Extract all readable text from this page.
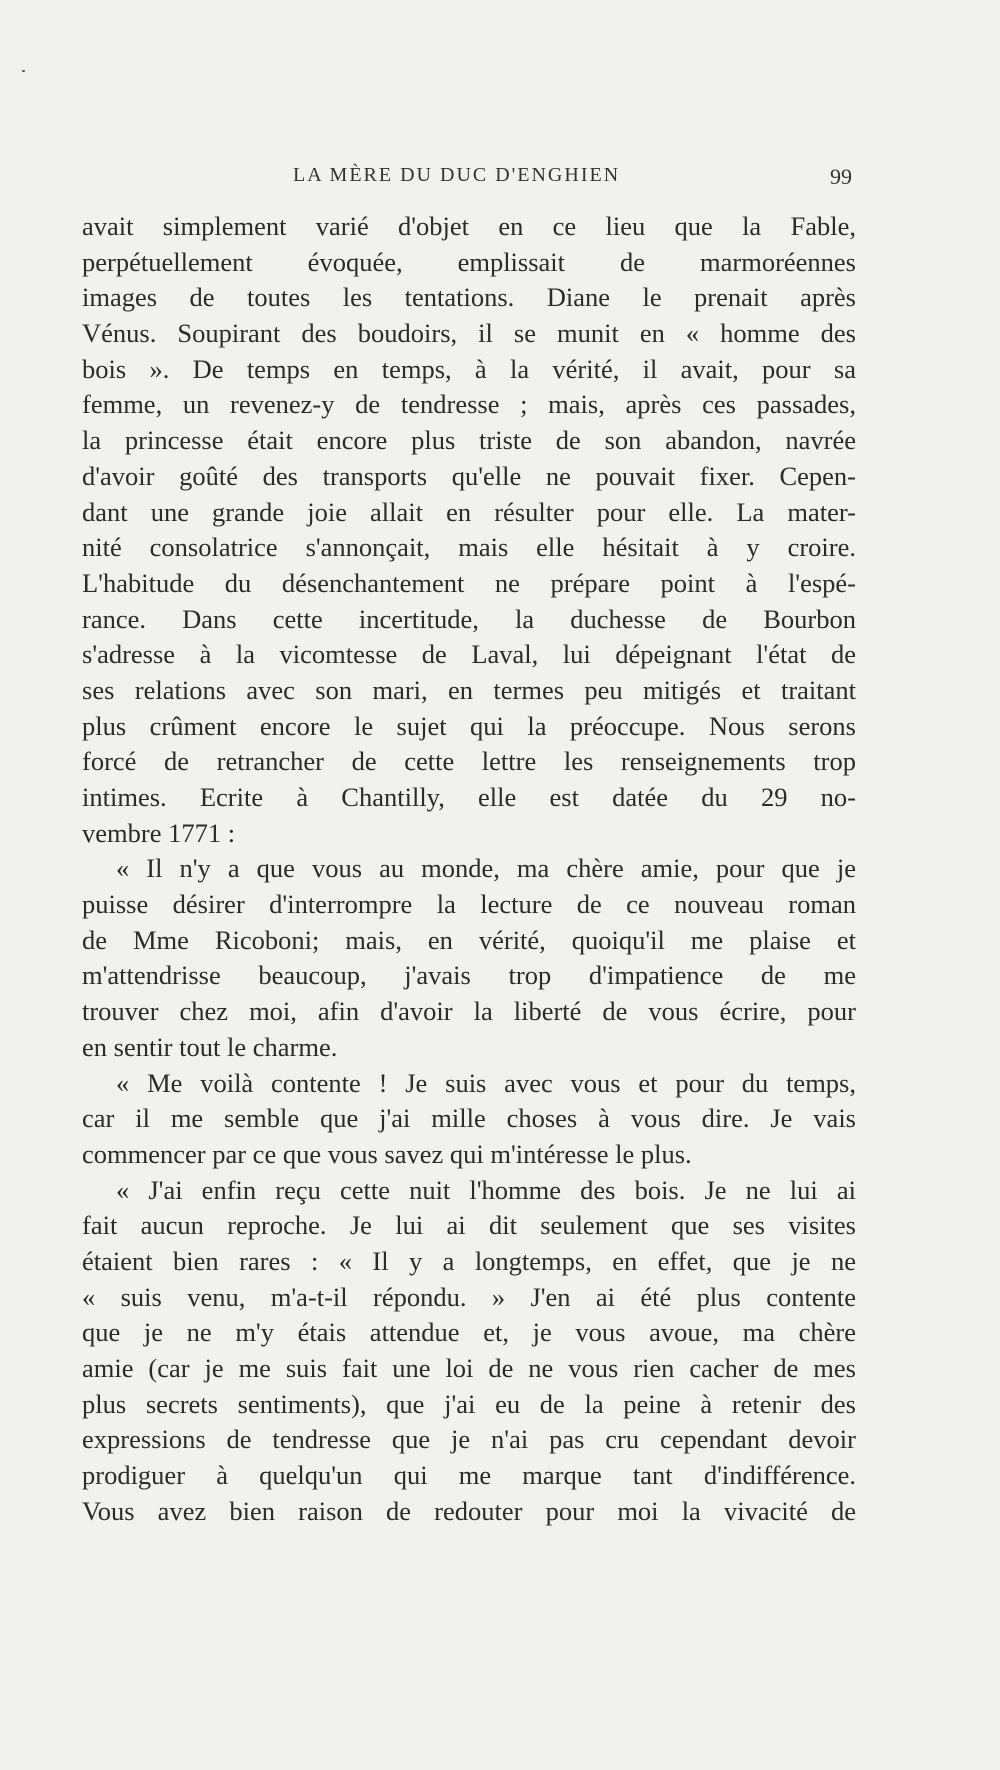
LA MÈRE DU DUC D'ENGHIEN	99
avait simplement varié d'objet en ce lieu que la Fable,
perpétuellement évoquée, emplissait de marmoréennes
images de toutes les tentations. Diane le prenait après
Vénus. Soupirant des boudoirs, il se munit en « homme des
bois ». De temps en temps, à la vérité, il avait, pour sa
femme, un revenez-y de tendresse ; mais, après ces passades,
la princesse était encore plus triste de son abandon, navrée
d'avoir goûté des transports qu'elle ne pouvait fixer. Cepen-
dant une grande joie allait en résulter pour elle. La mater-
nité consolatrice s'annonçait, mais elle hésitait à y croire.
L'habitude du désenchantement ne prépare point à l'espé-
rance. Dans cette incertitude, la duchesse de Bourbon
s'adresse à la vicomtesse de Laval, lui dépeignant l'état de
ses relations avec son mari, en termes peu mitigés et traitant
plus crûment encore le sujet qui la préoccupe. Nous serons
forcé de retrancher de cette lettre les renseignements trop
intimes. Ecrite à Chantilly, elle est datée du 29 no-
vembre 1771 :
« Il n'y a que vous au monde, ma chère amie, pour que je
puisse désirer d'interrompre la lecture de ce nouveau roman
de Mme Ricoboni; mais, en vérité, quoiqu'il me plaise et
m'attendrisse beaucoup, j'avais trop d'impatience de me
trouver chez moi, afin d'avoir la liberté de vous écrire, pour
en sentir tout le charme.
« Me voilà contente ! Je suis avec vous et pour du temps,
car il me semble que j'ai mille choses à vous dire. Je vais
commencer par ce que vous savez qui m'intéresse le plus.
« J'ai enfin reçu cette nuit l'homme des bois. Je ne lui ai
fait aucun reproche. Je lui ai dit seulement que ses visites
étaient bien rares : « Il y a longtemps, en effet, que je ne
« suis venu, m'a-t-il répondu. » J'en ai été plus contente
que je ne m'y étais attendue et, je vous avoue, ma chère
amie (car je me suis fait une loi de ne vous rien cacher de mes
plus secrets sentiments), que j'ai eu de la peine à retenir des
expressions de tendresse que je n'ai pas cru cependant devoir
prodiguer à quelqu'un qui me marque tant d'indifférence.
Vous avez bien raison de redouter pour moi la vivacité de
